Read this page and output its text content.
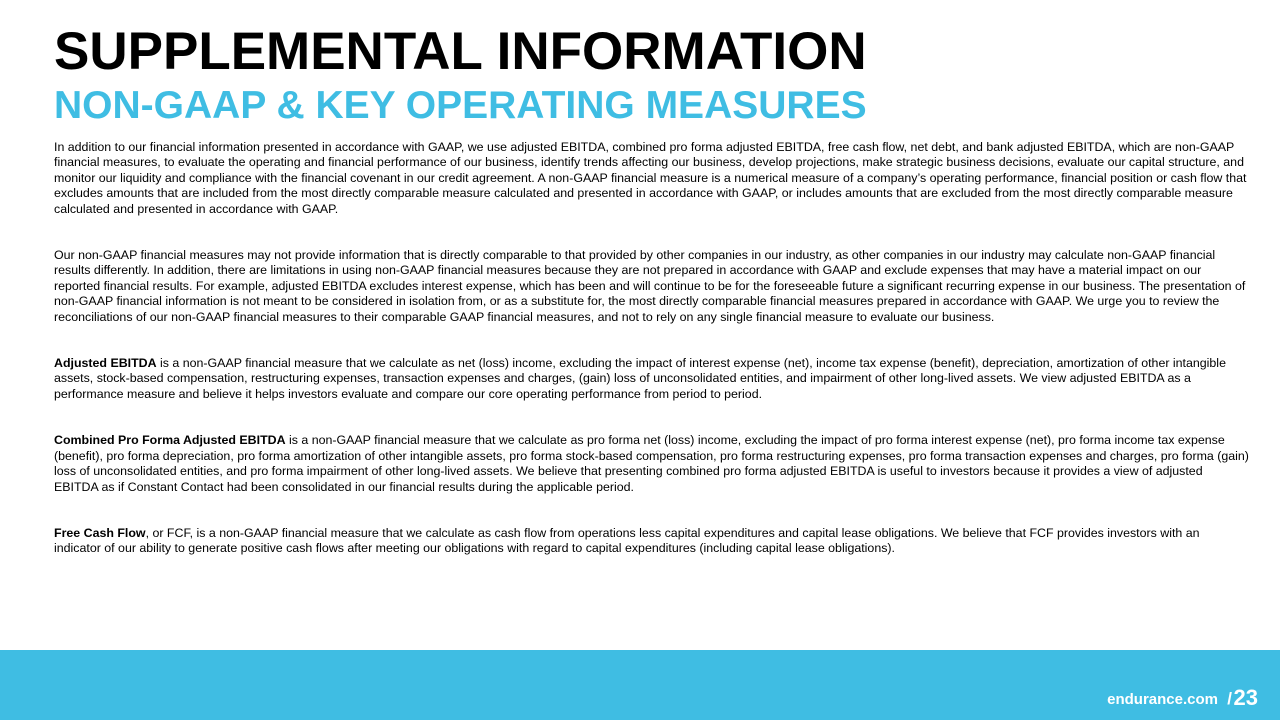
SUPPLEMENTAL INFORMATION
NON-GAAP & KEY OPERATING MEASURES

In addition to our financial information presented in accordance with GAAP, we use adjusted EBITDA, combined pro forma adjusted EBITDA, free cash flow, net debt, and bank adjusted EBITDA, which are non-GAAP financial measures, to evaluate the operating and financial performance of our business, identify trends affecting our business, develop projections, make strategic business decisions, evaluate our capital structure, and monitor our liquidity and compliance with the financial covenant in our credit agreement. A non-GAAP financial measure is a numerical measure of a company’s operating performance, financial position or cash flow that excludes amounts that are included from the most directly comparable measure calculated and presented in accordance with GAAP, or includes amounts that are excluded from the most directly comparable measure calculated and presented in accordance with GAAP.

Our non-GAAP financial measures may not provide information that is directly comparable to that provided by other companies in our industry, as other companies in our industry may calculate non-GAAP financial results differently. In addition, there are limitations in using non-GAAP financial measures because they are not prepared in accordance with GAAP and exclude expenses that may have a material impact on our reported financial results. For example, adjusted EBITDA excludes interest expense, which has been and will continue to be for the foreseeable future a significant recurring expense in our business. The presentation of non-GAAP financial information is not meant to be considered in isolation from, or as a substitute for, the most directly comparable financial measures prepared in accordance with GAAP. We urge you to review the reconciliations of our non-GAAP financial measures to their comparable GAAP financial measures, and not to rely on any single financial measure to evaluate our business.

Adjusted EBITDA is a non-GAAP financial measure that we calculate as net (loss) income, excluding the impact of interest expense (net), income tax expense (benefit), depreciation, amortization of other intangible assets, stock-based compensation, restructuring expenses, transaction expenses and charges, (gain) loss of unconsolidated entities, and impairment of other long-lived assets. We view adjusted EBITDA as a performance measure and believe it helps investors evaluate and compare our core operating performance from period to period.

Combined Pro Forma Adjusted EBITDA is a non-GAAP financial measure that we calculate as pro forma net (loss) income, excluding the impact of pro forma interest expense (net), pro forma income tax expense (benefit), pro forma depreciation, pro forma amortization of other intangible assets, pro forma stock-based compensation, pro forma restructuring expenses, pro forma transaction expenses and charges, pro forma (gain) loss of unconsolidated entities, and pro forma impairment of other long-lived assets. We believe that presenting combined pro forma adjusted EBITDA is useful to investors because it provides a view of adjusted EBITDA as if Constant Contact had been consolidated in our financial results during the applicable period.

Free Cash Flow, or FCF, is a non-GAAP financial measure that we calculate as cash flow from operations less capital expenditures and capital lease obligations. We believe that FCF provides investors with an indicator of our ability to generate positive cash flows after meeting our obligations with regard to capital expenditures (including capital lease obligations).

endurance.com / 23
